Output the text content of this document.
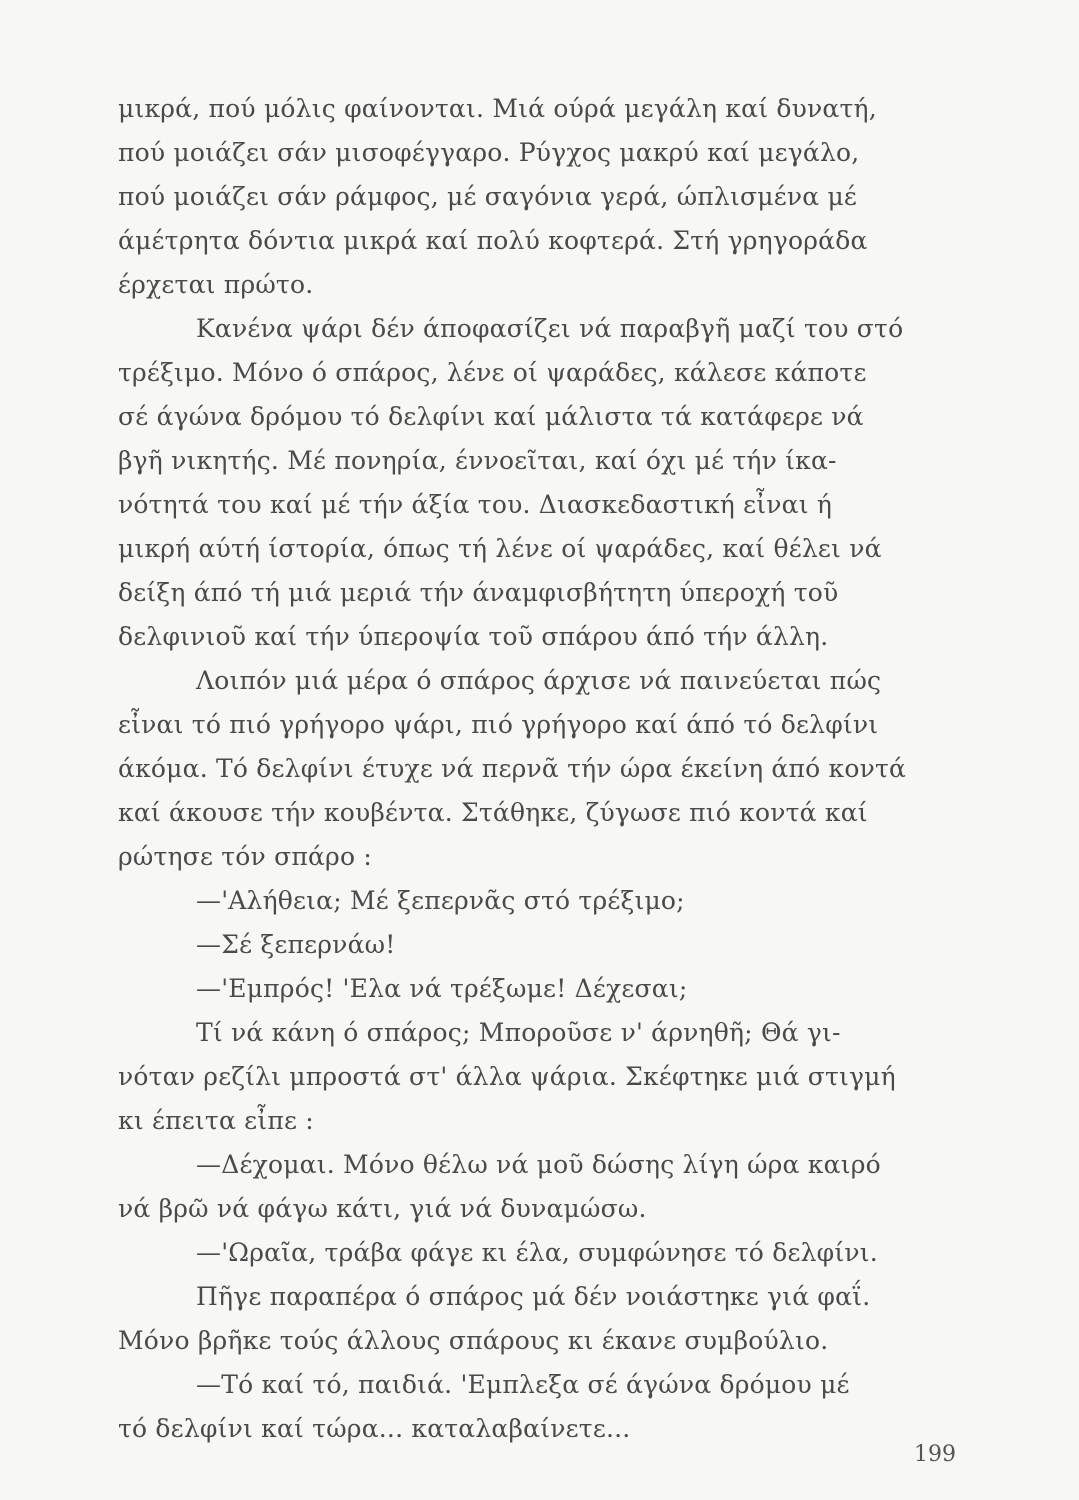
μικρά, πού μόλις φαίνονται. Μιά ούρά μεγάλη καί δυνατή,
πού μοιάζει σάν μισοφέγγαρο. Ρύγχος μακρύ καί μεγάλο,
πού μοιάζει σάν ράμφος, μέ σαγόνια γερά, ώπλισμένα μέ
άμέτρητα δόντια μικρά καί πολύ κοφτερά. Στή γρηγοράδα
έρχεται πρώτο.
Κανένα ψάρι δέν άποφασίζει νά παραβγῆ μαζί του στό
τρέξιμο. Μόνο ό σπάρος, λένε οί ψαράδες, κάλεσε κάποτε
σέ άγώνα δρόμου τό δελφίνι καί μάλιστα τά κατάφερε νά
βγῆ νικητής. Μέ πονηρία, έννοεῖται, καί όχι μέ τήν ίκα-
νότητά του καί μέ τήν άξία του. Διασκεδαστική εἶναι ή
μικρή αύτή ίστορία, όπως τή λένε οί ψαράδες, καί θέλει νά
δείξη άπό τή μιά μεριά τήν άναμφισβήτητη ύπεροχή τοῦ
δελφινιοῦ καί τήν ύπεροψία τοῦ σπάρου άπό τήν άλλη.
Λοιπόν μιά μέρα ό σπάρος άρχισε νά παινεύεται πώς
εἶναι τό πιό γρήγορο ψάρι, πιό γρήγορο καί άπό τό δελφίνι
άκόμα. Τό δελφίνι έτυχε νά περνᾶ τήν ώρα έκείνη άπό κοντά
καί άκουσε τήν κουβέντα. Στάθηκε, ζύγωσε πιό κοντά καί
ρώτησε τόν σπάρο :
—'Αλήθεια; Μέ ξεπερνᾶς στό τρέξιμο;
—Σέ ξεπερνάω!
—'Εμπρός! 'Ελα νά τρέξωμε! Δέχεσαι;
Τί νά κάνη ό σπάρος; Μποροῦσε ν' άρνηθῆ; Θά γι-
νόταν ρεζίλι μπροστά στ' άλλα ψάρια. Σκέφτηκε μιά στιγμή
κι έπειτα εἶπε :
—Δέχομαι. Μόνο θέλω νά μοῦ δώσης λίγη ώρα καιρό
νά βρῶ νά φάγω κάτι, γιά νά δυναμώσω.
—'Ωραῖα, τράβα φάγε κι έλα, συμφώνησε τό δελφίνι.
Πῆγε παραπέρα ό σπάρος μά δέν νοιάστηκε γιά φαΐ.
Μόνο βρῆκε τούς άλλους σπάρους κι έκανε συμβούλιο.
—Τό καί τό, παιδιά. 'Εμπλεξα σέ άγώνα δρόμου μέ
τό δελφίνι καί τώρα... καταλαβαίνετε...
199
